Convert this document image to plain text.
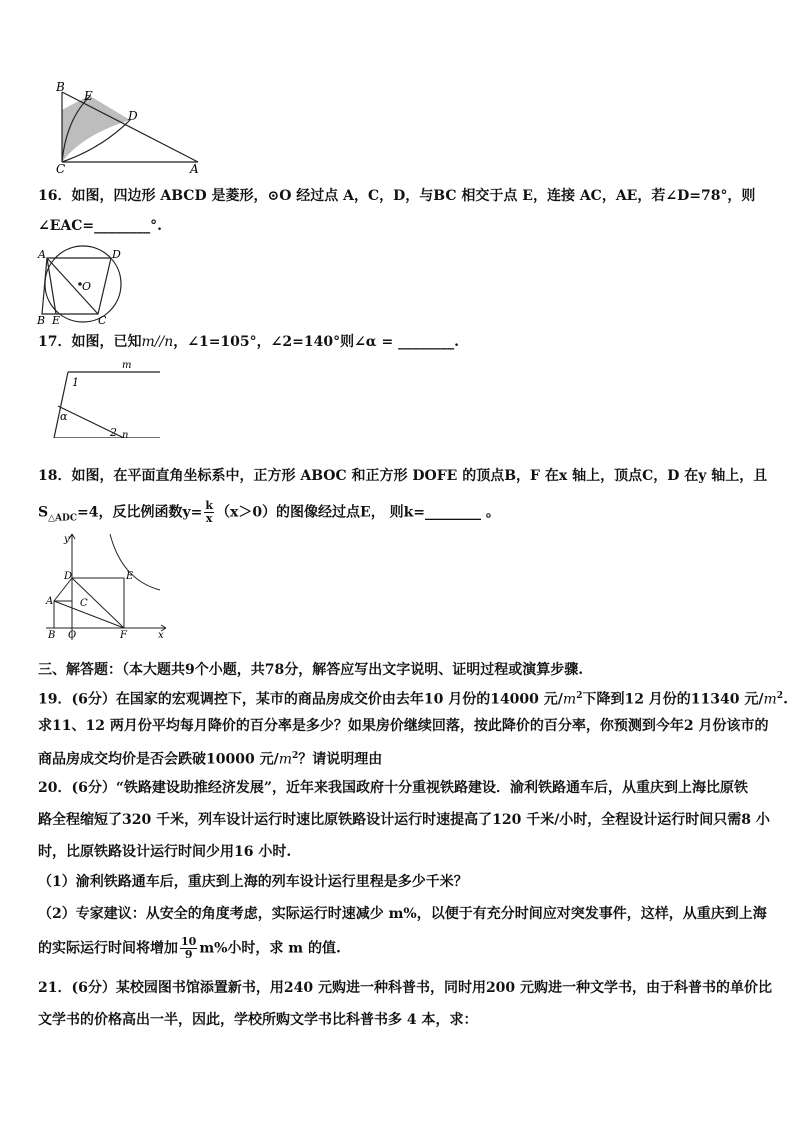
B
E
D
C	A
16．如图，四边形 ABCD 是菱形，⊙O 经过点 A，C，D，与BC 相交于点 E，连接 AC，AE，若∠D=78°，则
∠EAC=________°.
A	D
O
B E	C
17．如图，已知m//n，∠1=105°，∠2=140°则∠α = ________.
m
n
1
2
α
18．如图，在平面直角坐标系中，正方形 ABOC 和正方形 DOFE 的顶点B，F 在x 轴上，顶点C，D 在y 轴上，且
$S_{\triangle ADC}=4$，反比例函数$y= \frac{k}{x} (x>0)$的图像经过点E， 则k=________ 。
y
D	E
A	C
B O	F	x
三、解答题：（本大题共9个小题，共78分，解答应写出文字说明、证明过程或演算步骤.
19．(6分）在国家的宏观调控下，某市的商品房成交价由去年10 月份的14000 元$/m^2$下降到12 月份的11340 元$/m^2$.
求11、12 两月份平均每月降价的百分率是多少？如果房价继续回落，按此降价的百分率，你预测到今年2 月份该市的
商品房成交均价是否会跌破10000 元$/m^2$？请说明理由
20．(6分）“铁路建设助推经济发展”，近年来我国政府十分重视铁路建设．渝利铁路通车后，从重庆到上海比原铁
路全程缩短了320 千米，列车设计运行时速比原铁路设计运行时速提高了120 千米/小时，全程设计运行时间只需8 小
时，比原铁路设计运行时间少用16 小时.
（1）渝利铁路通车后，重庆到上海的列车设计运行里程是多少千米？
（2）专家建议：从安全的角度考虑，实际运行时速减少 m%，以便于有充分时间应对突发事件，这样，从重庆到上海
的实际运行时间将增加 $\frac{10}{9} m\%$小时，求 m 的值.
21．(6分）某校园图书馆添置新书，用240 元购进一种科普书，同时用200 元购进一种文学书，由于科普书的单价比
文学书的价格高出一半，因此，学校所购文学书比科普书多 4 本，求：
